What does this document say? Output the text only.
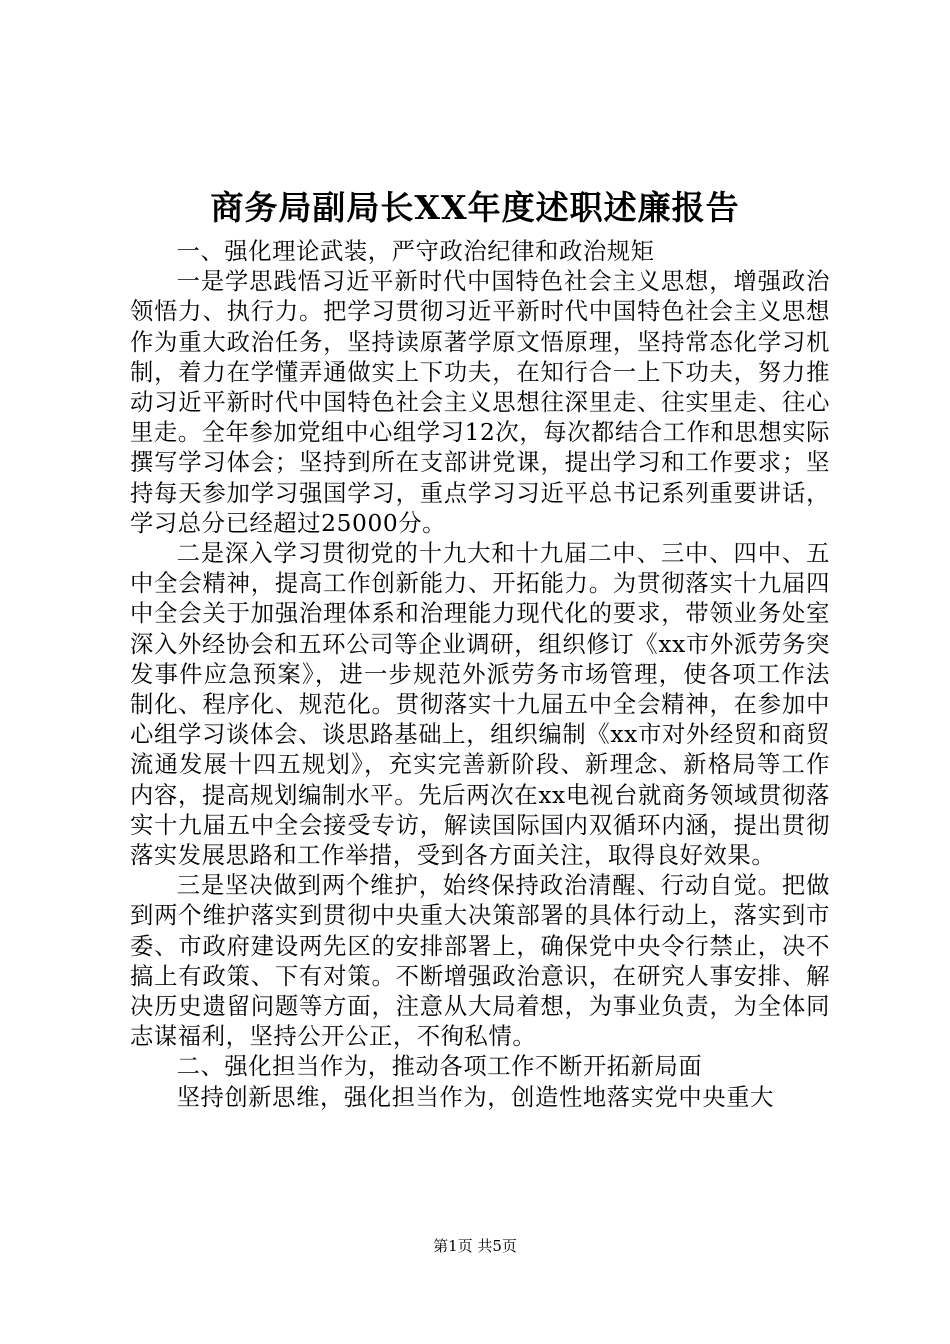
商务局副局长XX年度述职述廉报告

一、强化理论武装，严守政治纪律和政治规矩

一是学思践悟习近平新时代中国特色社会主义思想，增强政治领悟力、执行力。把学习贯彻习近平新时代中国特色社会主义思想作为重大政治任务，坚持读原著学原文悟原理，坚持常态化学习机制，着力在学懂弄通做实上下功夫，在知行合一上下功夫，努力推动习近平新时代中国特色社会主义思想往深里走、往实里走、往心里走。全年参加党组中心组学习12次，每次都结合工作和思想实际撰写学习体会；坚持到所在支部讲党课，提出学习和工作要求；坚持每天参加学习强国学习，重点学习习近平总书记系列重要讲话，学习总分已经超过25000分。

二是深入学习贯彻党的十九大和十九届二中、三中、四中、五中全会精神，提高工作创新能力、开拓能力。为贯彻落实十九届四中全会关于加强治理体系和治理能力现代化的要求，带领业务处室深入外经协会和五环公司等企业调研，组织修订《xx市外派劳务突发事件应急预案》，进一步规范外派劳务市场管理，使各项工作法制化、程序化、规范化。贯彻落实十九届五中全会精神，在参加中心组学习谈体会、谈思路基础上，组织编制《xx市对外经贸和商贸流通发展十四五规划》，充实完善新阶段、新理念、新格局等工作内容，提高规划编制水平。先后两次在xx电视台就商务领域贯彻落实十九届五中全会接受专访，解读国际国内双循环内涵，提出贯彻落实发展思路和工作举措，受到各方面关注，取得良好效果。

三是坚决做到两个维护，始终保持政治清醒、行动自觉。把做到两个维护落实到贯彻中央重大决策部署的具体行动上，落实到市委、市政府建设两先区的安排部署上，确保党中央令行禁止，决不搞上有政策、下有对策。不断增强政治意识，在研究人事安排、解决历史遗留问题等方面，注意从大局着想，为事业负责，为全体同志谋福利，坚持公开公正，不徇私情。

二、强化担当作为，推动各项工作不断开拓新局面

坚持创新思维，强化担当作为，创造性地落实党中央重大

第1页 共5页
